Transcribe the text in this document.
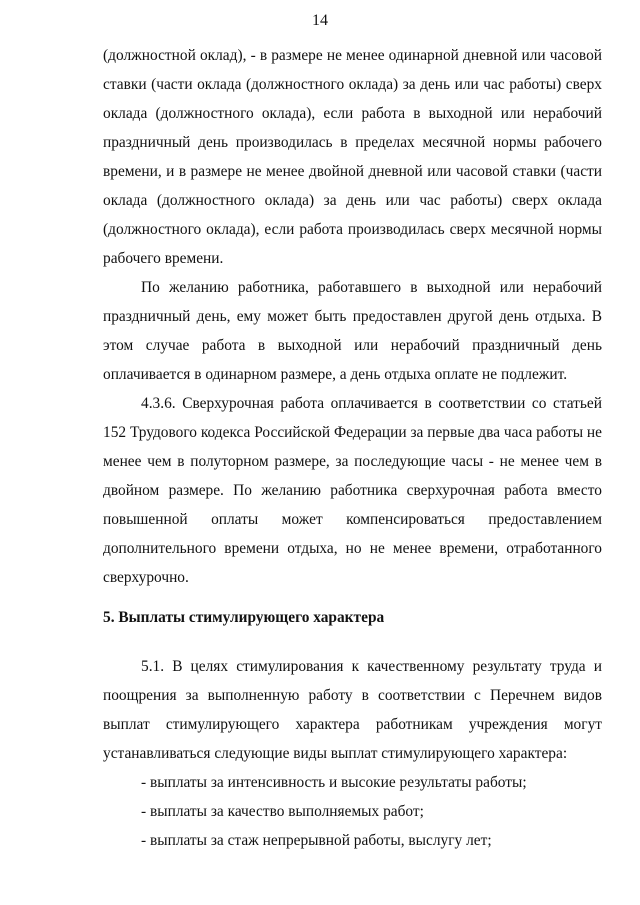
14

(должностной оклад), - в размере не менее одинарной дневной или часовой ставки (части оклада (должностного оклада) за день или час работы) сверх оклада (должностного оклада), если работа в выходной или нерабочий праздничный день производилась в пределах месячной нормы рабочего времени, и в размере не менее двойной дневной или часовой ставки (части оклада (должностного оклада) за день или час работы) сверх оклада (должностного оклада), если работа производилась сверх месячной нормы рабочего времени.

По желанию работника, работавшего в выходной или нерабочий праздничный день, ему может быть предоставлен другой день отдыха. В этом случае работа в выходной или нерабочий праздничный день оплачивается в одинарном размере, а день отдыха оплате не подлежит.

4.3.6. Сверхурочная работа оплачивается в соответствии со статьей 152 Трудового кодекса Российской Федерации за первые два часа работы не менее чем в полуторном размере, за последующие часы - не менее чем в двойном размере. По желанию работника сверхурочная работа вместо повышенной оплаты может компенсироваться предоставлением дополнительного времени отдыха, но не менее времени, отработанного сверхурочно.

5. Выплаты стимулирующего характера

5.1. В целях стимулирования к качественному результату труда и поощрения за выполненную работу в соответствии с Перечнем видов выплат стимулирующего характера работникам учреждения могут устанавливаться следующие виды выплат стимулирующего характера:

- выплаты за интенсивность и высокие результаты работы;

- выплаты за качество выполняемых работ;

- выплаты за стаж непрерывной работы, выслугу лет;
